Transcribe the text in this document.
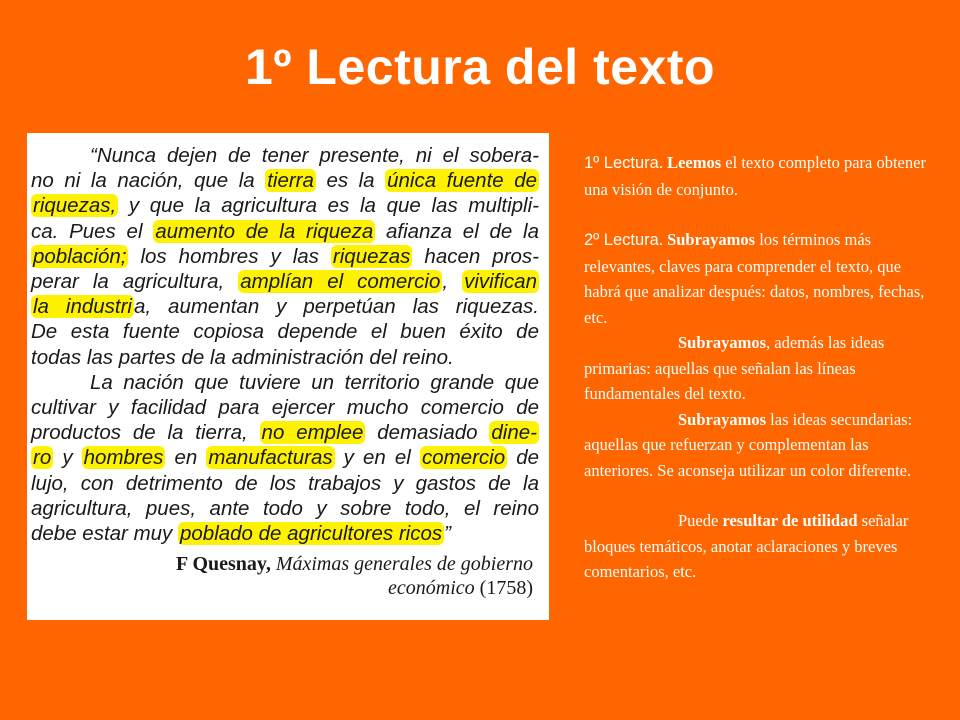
1º Lectura del texto
“Nunca dejen de tener presente, ni el sobera-
no ni la nación, que la tierra es la única fuente de
riquezas, y que la agricultura es la que las multipli-
ca. Pues el aumento de la riqueza afianza el de la
población; los hombres y las riquezas hacen pros-
perar la agricultura, amplían el comercio, vivifican
la industria, aumentan y perpetúan las riquezas.
De esta fuente copiosa depende el buen éxito de
todas las partes de la administración del reino.
La nación que tuviere un territorio grande que
cultivar y facilidad para ejercer mucho comercio de
productos de la tierra, no emplee demasiado dine-
ro y hombres en manufacturas y en el comercio de
lujo, con detrimento de los trabajos y gastos de la
agricultura, pues, ante todo y sobre todo, el reino
debe estar muy poblado de agricultores ricos”
F Quesnay, Máximas generales de gobierno
económico (1758)

1º Lectura. Leemos el texto completo para obtener una visión de conjunto.

2º Lectura. Subrayamos los términos más relevantes, claves para comprender el texto, que habrá que analizar después: datos, nombres, fechas, etc.

Subrayamos, además las ideas primarias: aquellas que señalan las líneas fundamentales del texto.

Subrayamos las ideas secundarias: aquellas que refuerzan y complementan las anteriores. Se aconseja utilizar un color diferente.

Puede resultar de utilidad señalar bloques temáticos, anotar aclaraciones y breves comentarios, etc.
